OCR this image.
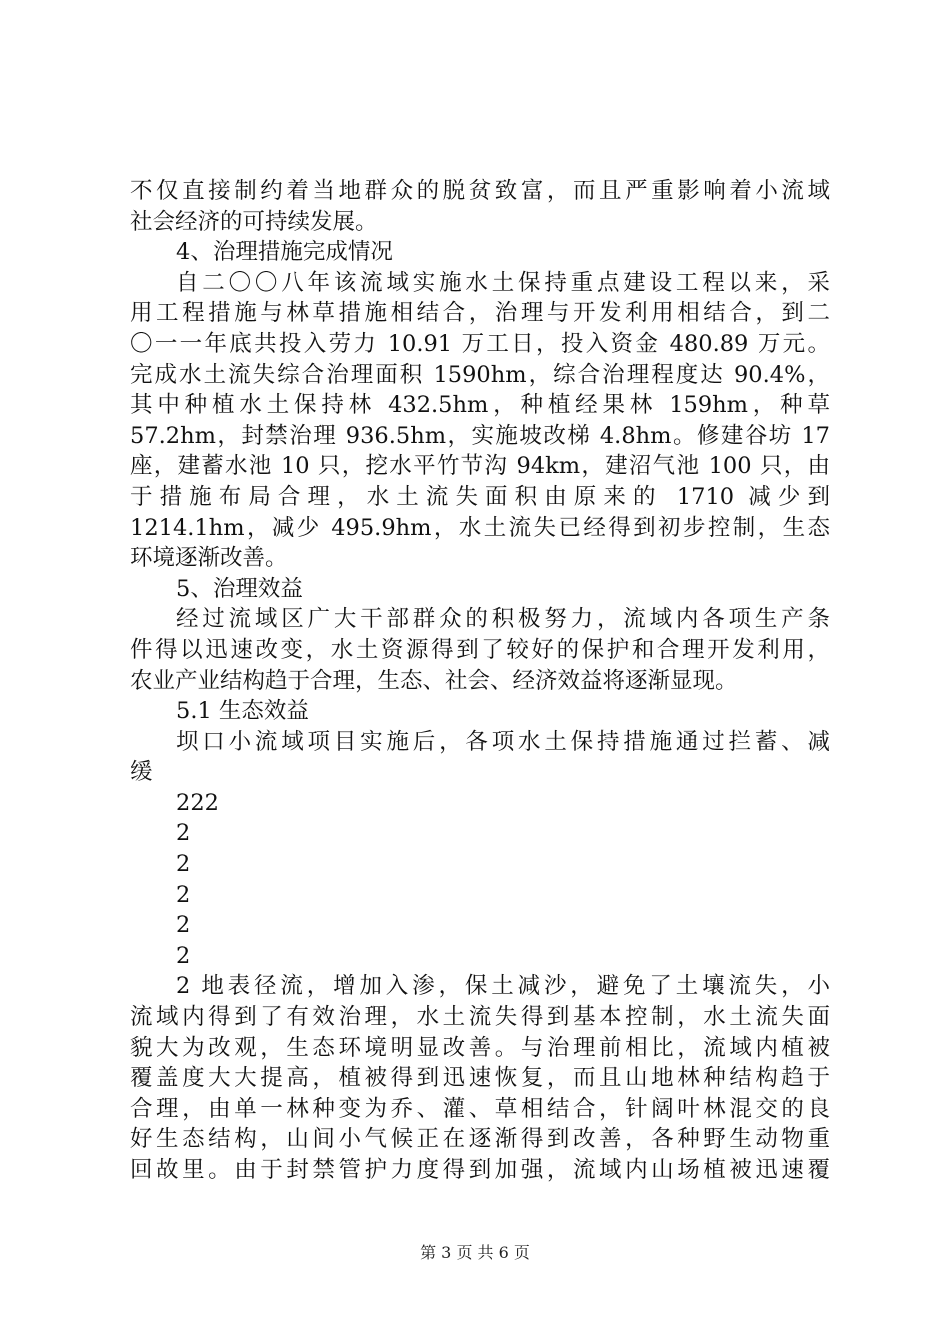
不仅直接制约着当地群众的脱贫致富，而且严重影响着小流域
社会经济的可持续发展。
4、治理措施完成情况
自二〇〇八年该流域实施水土保持重点建设工程以来，采
用工程措施与林草措施相结合，治理与开发利用相结合，到二
〇一一年底共投入劳力 10.91 万工日，投入资金 480.89 万元。
完成水土流失综合治理面积 1590hm，综合治理程度达 90.4%，
其中种植水土保持林 432.5hm，种植经果林 159hm，种草
57.2hm，封禁治理 936.5hm，实施坡改梯 4.8hm。修建谷坊 17
座，建蓄水池 10 只，挖水平竹节沟 94km，建沼气池 100 只，由
于措施布局合理，水土流失面积由原来的 1710 减少到
1214.1hm，减少 495.9hm，水土流失已经得到初步控制，生态
环境逐渐改善。
5、治理效益
经过流域区广大干部群众的积极努力，流域内各项生产条
件得以迅速改变，水土资源得到了较好的保护和合理开发利用，
农业产业结构趋于合理，生态、社会、经济效益将逐渐显现。
5.1 生态效益
坝口小流域项目实施后，各项水土保持措施通过拦蓄、减
缓
222
2
2
2
2
2
2 地表径流，增加入渗，保土减沙，避免了土壤流失，小
流域内得到了有效治理，水土流失得到基本控制，水土流失面
貌大为改观，生态环境明显改善。与治理前相比，流域内植被
覆盖度大大提高，植被得到迅速恢复，而且山地林种结构趋于
合理，由单一林种变为乔、灌、草相结合，针阔叶林混交的良
好生态结构，山间小气候正在逐渐得到改善，各种野生动物重
回故里。由于封禁管护力度得到加强，流域内山场植被迅速覆
第 3 页 共 6 页
